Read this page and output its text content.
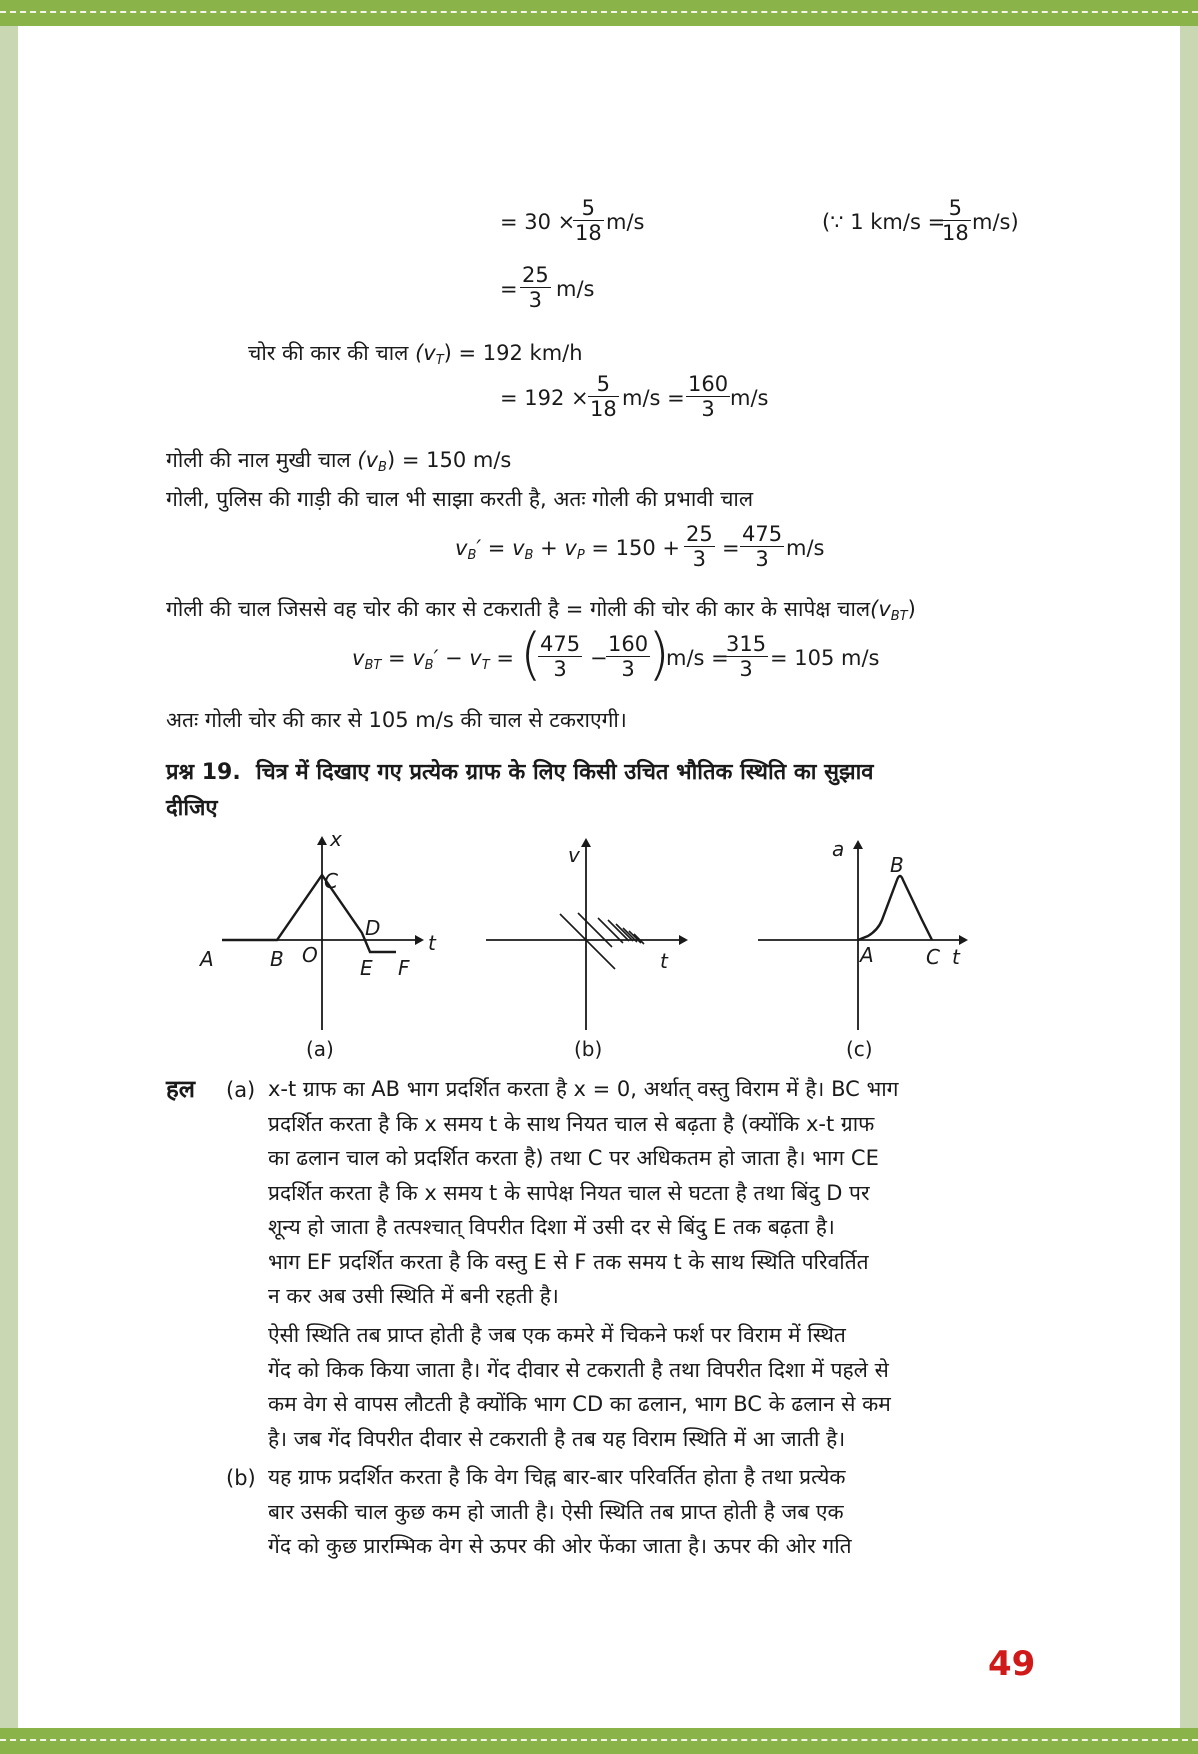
= 30 ×
$\frac{5}{18} m/s$	(∵ 1 km/s =
$\frac{5}{18} m/s$)
= $\frac{25}{3} m/s$
चोर की कार की चाल $(v_T) = 192$ km/h
= $192 \times \frac{5}{18} m/s = \frac{160}{3} m/s$
गोली की नाल मुखी चाल $(v_B) = 150$ m/s
गोली, पुलिस की गाड़ी की चाल भी साझा करती है, अतः गोली की प्रभावी चाल
$v_B' = v_B + v_P = 150 + \frac{25}{3} = \frac{475}{3} m/s$
गोली की चाल जिससे वह चोर की कार से टकराती है = गोली की चोर की कार के सापेक्ष $चाल(v_{BT})$
$v_{BT} = v_B' - v_T$ = (
$\frac{475}{3}$ −
$\frac{160}{3}$
)
m/s =
$\frac{315}{3} = 105$ m/s
अतः गोली चोर की कार से 105 m/s की चाल से टकराएगी।
प्रश्न 19. चित्र में दिखाए गए प्रत्येक ग्राफ के लिए किसी उचित भौतिक स्थिति का सुझाव
दीजिए
A	B O
C
D
E F
x
t
(a)
v
t
(b)
a
B
A	C t
(c)
हल (a) x-t ग्राफ का AB भाग प्रदर्शित करता है x = 0, अर्थात् वस्तु विराम में है। BC भाग
प्रदर्शित करता है कि x समय t के साथ नियत चाल से बढ़ता है (क्योंकि x-t ग्राफ
का ढलान चाल को प्रदर्शित करता है) तथा C पर अधिकतम हो जाता है। भाग CE
प्रदर्शित करता है कि x समय t के सापेक्ष नियत चाल से घटता है तथा बिंदु D पर
शून्य हो जाता है तत्पश्चात् विपरीत दिशा में उसी दर से बिंदु E तक बढ़ता है।
भाग EF प्रदर्शित करता है कि वस्तु E से F तक समय t के साथ स्थिति परिवर्तित
न कर अब उसी स्थिति में बनी रहती है।
ऐसी स्थिति तब प्राप्त होती है जब एक कमरे में चिकने फर्श पर विराम में स्थित
गेंद को किक किया जाता है। गेंद दीवार से टकराती है तथा विपरीत दिशा में पहले से
कम वेग से वापस लौटती है क्योंकि भाग CD का ढलान, भाग BC के ढलान से कम
है। जब गेंद विपरीत दीवार से टकराती है तब यह विराम स्थिति में आ जाती है।
(b) यह ग्राफ प्रदर्शित करता है कि वेग चिह्न बार-बार परिवर्तित होता है तथा प्रत्येक
बार उसकी चाल कुछ कम हो जाती है। ऐसी स्थिति तब प्राप्त होती है जब एक
गेंद को कुछ प्रारम्भिक वेग से ऊपर की ओर फेंका जाता है। ऊपर की ओर गति
49
